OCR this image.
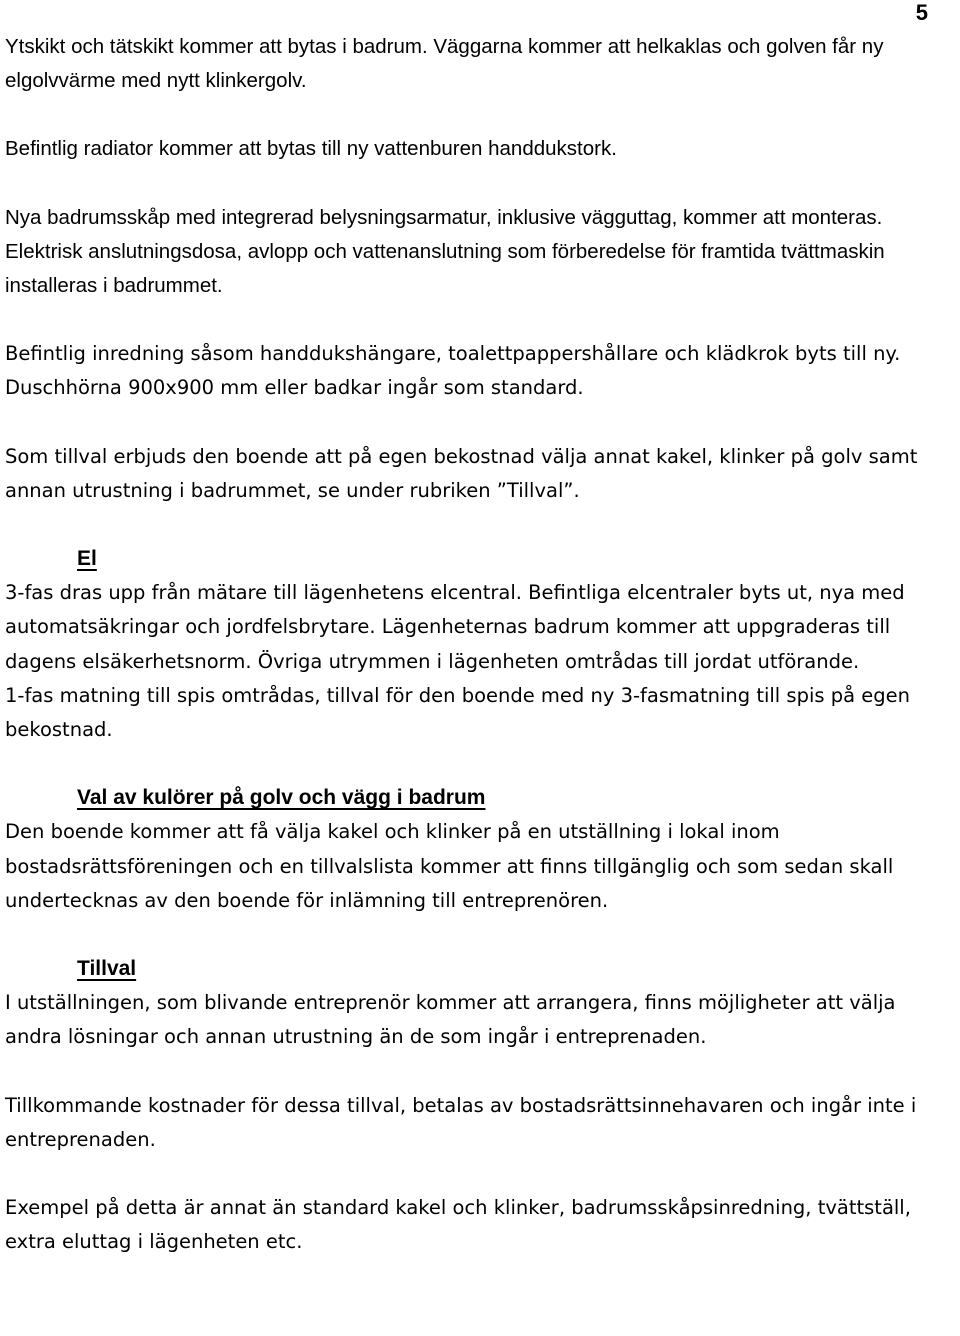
5

Ytskikt och tätskikt kommer att bytas i badrum. Väggarna kommer att helkaklas och golven får ny elgolvvärme med nytt klinkergolv.

Befintlig radiator kommer att bytas till ny vattenburen handdukstork.

Nya badrumsskåp med integrerad belysningsarmatur, inklusive vägguttag, kommer att monteras. Elektrisk anslutningsdosa, avlopp och vattenanslutning som förberedelse för framtida tvättmaskin installeras i badrummet.

Befintlig inredning såsom handdukshängare, toalettpappershållare och klädkrok byts till ny.

Duschhörna 900x900 mm eller badkar ingår som standard.

Som tillval erbjuds den boende att på egen bekostnad välja annat kakel, klinker på golv samt annan utrustning i badrummet, se under rubriken ”Tillval”.

El

3-fas dras upp från mätare till lägenhetens elcentral. Befintliga elcentraler byts ut, nya med automatsäkringar och jordfelsbrytare. Lägenheternas badrum kommer att uppgraderas till dagens elsäkerhetsnorm. Övriga utrymmen i lägenheten omtrådas till jordat utförande.

1-fas matning till spis omtrådas, tillval för den boende med ny 3-fasmatning till spis på egen bekostnad.

Val av kulörer på golv och vägg i badrum

Den boende kommer att få välja kakel och klinker på en utställning i lokal inom bostadsrättsföreningen och en tillvalslista kommer att finns tillgänglig och som sedan skall undertecknas av den boende för inlämning till entreprenören.

Tillval

I utställningen, som blivande entreprenör kommer att arrangera, finns möjligheter att välja andra lösningar och annan utrustning än de som ingår i entreprenaden.

Tillkommande kostnader för dessa tillval, betalas av bostadsrättsinnehavaren och ingår inte i entreprenaden.

Exempel på detta är annat än standard kakel och klinker, badrumsskåpsinredning, tvättställ, extra eluttag i lägenheten etc.
